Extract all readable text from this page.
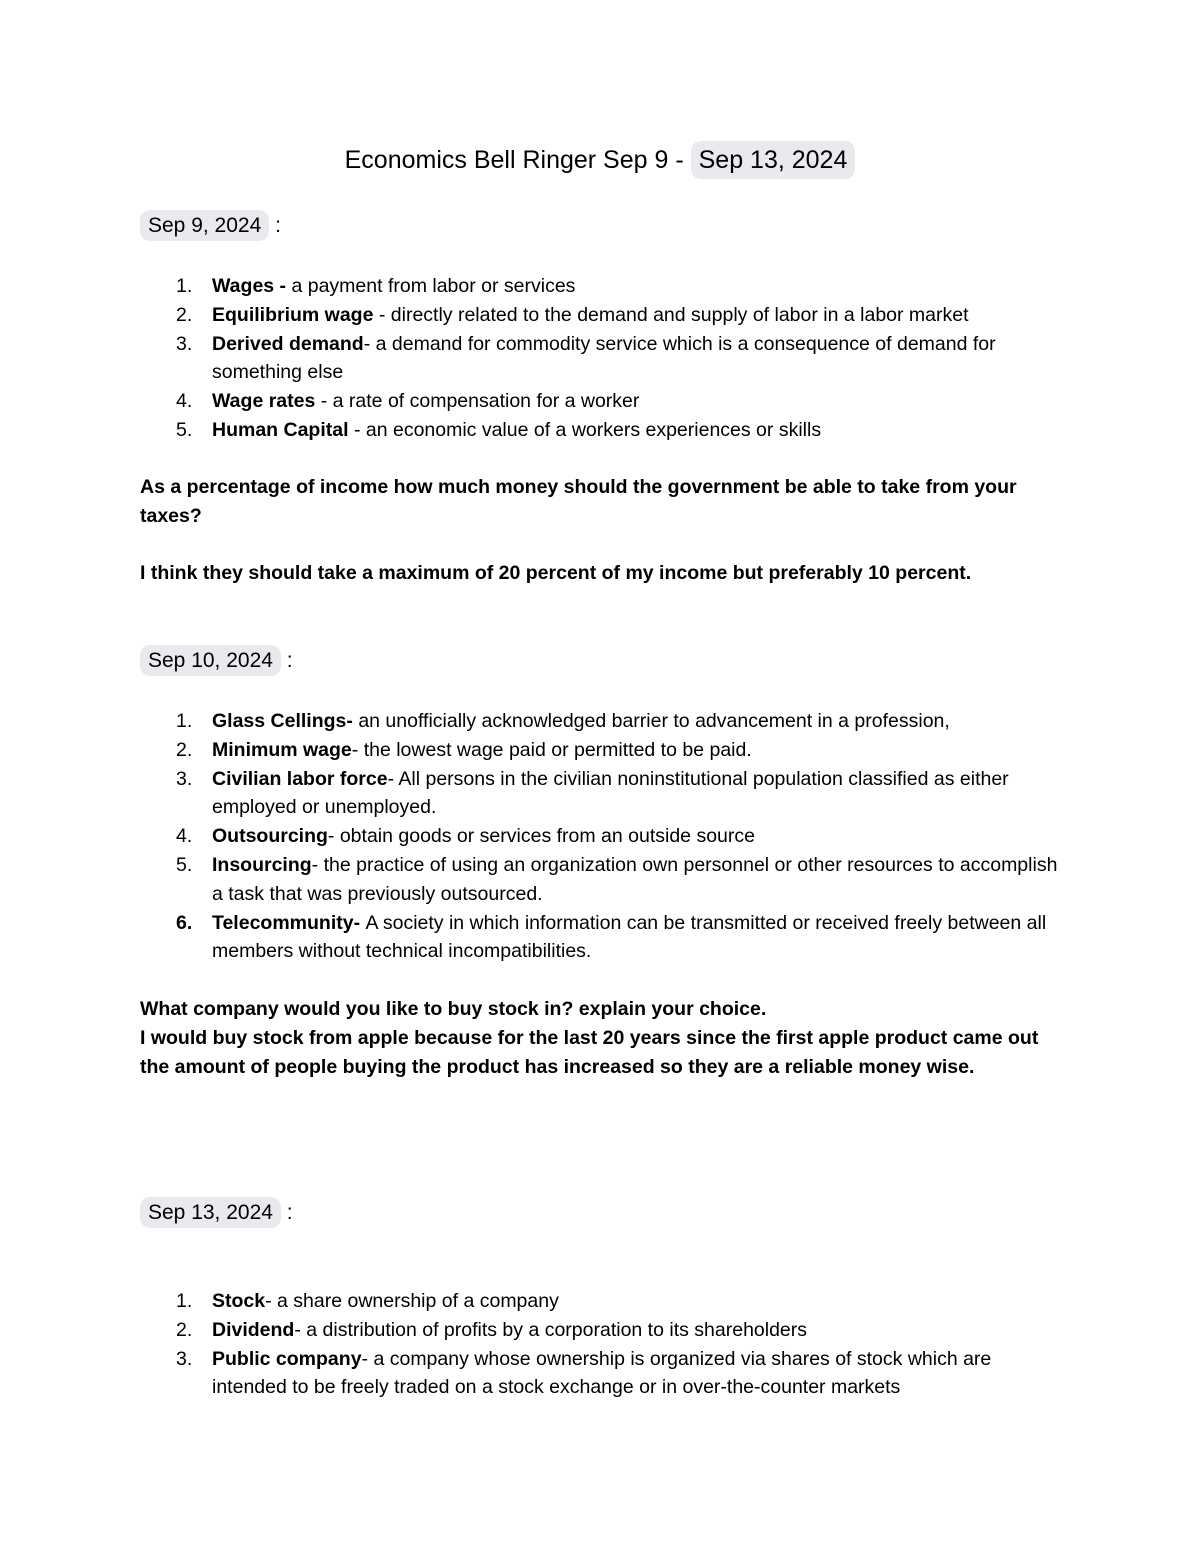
Economics Bell Ringer Sep 9 - Sep 13, 2024
Sep 9, 2024 :
1.	Wages - a payment from labor or services
2.	Equilibrium wage - directly related to the demand and supply of labor in a labor market
3.	Derived demand- a demand for commodity service which is a consequence of demand for something else
4.	Wage rates - a rate of compensation for a worker
5.	Human Capital - an economic value of a workers experiences or skills

As a percentage of income how much money should the government be able to take from your taxes?

I think they should take a maximum of 20 percent of my income but preferably 10 percent.

Sep 10, 2024 :
1.	Glass Cellings- an unofficially acknowledged barrier to advancement in a profession,
2.	Minimum wage- the lowest wage paid or permitted to be paid.
3.	Civilian labor force- All persons in the civilian noninstitutional population classified as either employed or unemployed.
4.	Outsourcing- obtain goods or services from an outside source
5.	Insourcing- the practice of using an organization own personnel or other resources to accomplish a task that was previously outsourced.
6.	Telecommunity- A society in which information can be transmitted or received freely between all members without technical incompatibilities.

What company would you like to buy stock in? explain your choice.

I would buy stock from apple because for the last 20 years since the first apple product came out the amount of people buying the product has increased so they are a reliable money wise.

Sep 13, 2024 :
1.	Stock- a share ownership of a company
2.	Dividend- a distribution of profits by a corporation to its shareholders
3.	Public company- a company whose ownership is organized via shares of stock which are intended to be freely traded on a stock exchange or in over-the-counter markets
